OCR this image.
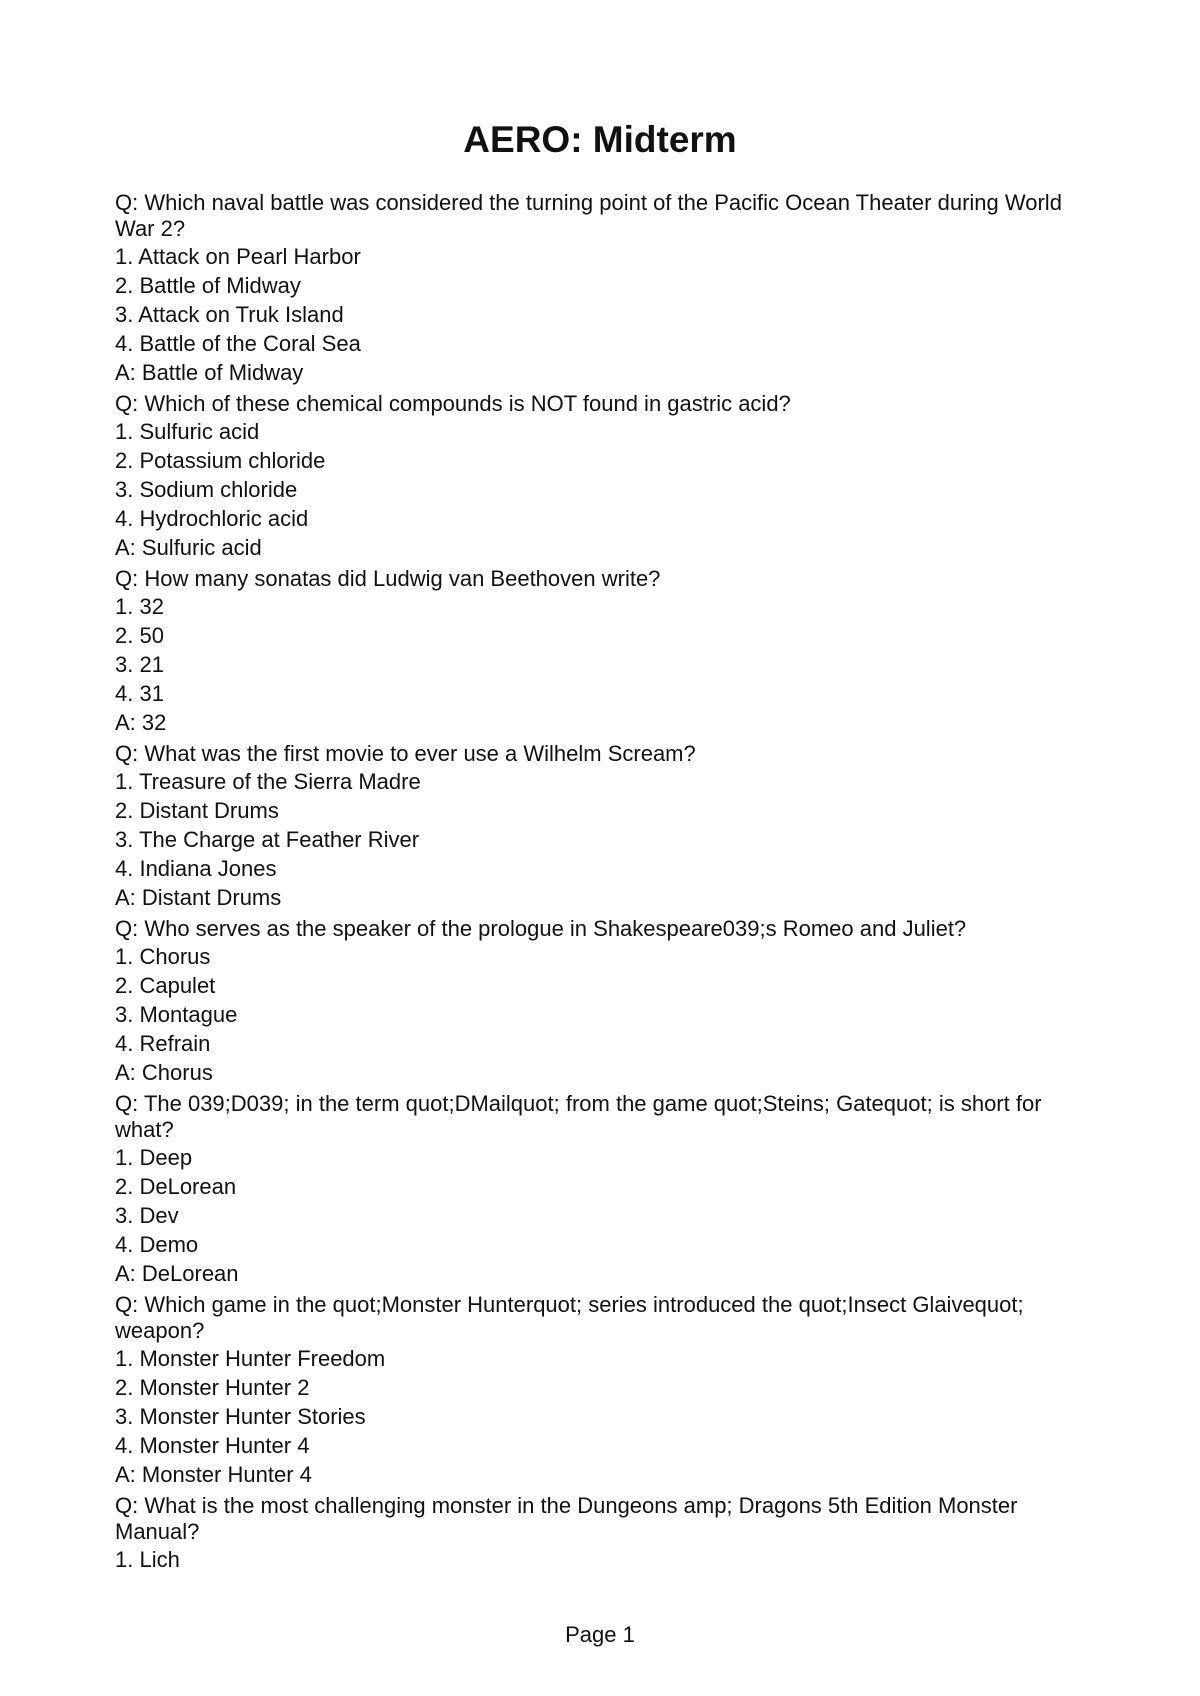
AERO: Midterm
Q: Which naval battle was considered the turning point of the Pacific Ocean Theater during World War 2?
1. Attack on Pearl Harbor
2. Battle of Midway
3. Attack on Truk Island
4. Battle of the Coral Sea
A: Battle of Midway
Q: Which of these chemical compounds is NOT found in gastric acid?
1. Sulfuric acid
2. Potassium chloride
3. Sodium chloride
4. Hydrochloric acid
A: Sulfuric acid
Q: How many sonatas did Ludwig van Beethoven write?
1. 32
2. 50
3. 21
4. 31
A: 32
Q: What was the first movie to ever use a Wilhelm Scream?
1. Treasure of the Sierra Madre
2. Distant Drums
3. The Charge at Feather River
4. Indiana Jones
A: Distant Drums
Q: Who serves as the speaker of the prologue in Shakespeare039;s Romeo and Juliet?
1. Chorus
2. Capulet
3. Montague
4. Refrain
A: Chorus
Q: The 039;D039; in the term quot;DMailquot; from the game quot;Steins; Gatequot; is short for what?
1. Deep
2. DeLorean
3. Dev
4. Demo
A: DeLorean
Q: Which game in the quot;Monster Hunterquot; series introduced the quot;Insect Glaivequot; weapon?
1. Monster Hunter Freedom
2. Monster Hunter 2
3. Monster Hunter Stories
4. Monster Hunter 4
A: Monster Hunter 4
Q: What is the most challenging monster in the Dungeons amp; Dragons 5th Edition Monster Manual?
1. Lich
Page 1
